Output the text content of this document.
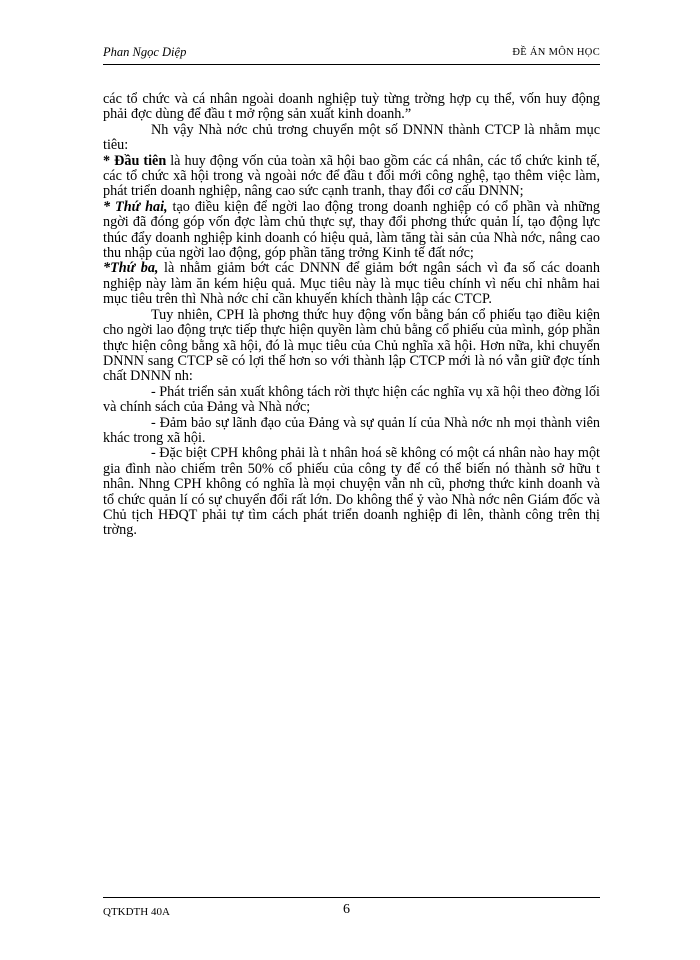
Phan Ngọc Diệp	ĐỀ ÁN MÔN HỌC

các tổ chức và cá nhân ngoài doanh nghiệp tuỳ từng trờng hợp cụ thể, vốn huy động phải đợc dùng để đầu t mở rộng sản xuất kinh doanh.”

Nh vậy Nhà nớc chủ trơng chuyển một số DNNN thành CTCP là nhằm mục tiêu:

* Đầu tiên là huy động vốn của toàn xã hội bao gồm các cá nhân, các tổ chức kinh tế, các tổ chức xã hội trong và ngoài nớc để đầu t đổi mới công nghệ, tạo thêm việc làm, phát triển doanh nghiệp, nâng cao sức cạnh tranh, thay đổi cơ cấu DNNN;

* Thứ hai, tạo điều kiện để ngời lao động trong doanh nghiệp có cổ phần và những ngời đã đóng góp vốn đợc làm chủ thực sự, thay đổi phơng thức quản lí, tạo động lực thúc đẩy doanh nghiệp kinh doanh có hiệu quả, làm tăng tài sản của Nhà nớc, nâng cao thu nhập của ngời lao động, góp phần tăng trởng Kinh tế đất nớc;

*Thứ ba, là nhằm giảm bớt các DNNN để giảm bớt ngân sách vì đa số các doanh nghiệp này làm ăn kém hiệu quả. Mục tiêu này là mục tiêu chính vì nếu chỉ nhằm hai mục tiêu trên thì Nhà nớc chỉ cần khuyến khích thành lập các CTCP.

Tuy nhiên, CPH là phơng thức huy động vốn bằng bán cổ phiếu tạo điều kiện cho ngời lao động trực tiếp thực hiện quyền làm chủ bằng cổ phiếu của mình, góp phần thực hiện công bằng xã hội, đó là mục tiêu của Chủ nghĩa xã hội. Hơn nữa, khi chuyển DNNN sang CTCP sẽ có lợi thế hơn so với thành lập CTCP mới là nó vẫn giữ đợc tính chất DNNN nh:

- Phát triển sản xuất không tách rời thực hiện các nghĩa vụ xã hội theo đờng lối và chính sách của Đảng và Nhà nớc;

- Đảm bảo sự lãnh đạo của Đảng và sự quản lí của Nhà nớc nh mọi thành viên khác trong xã hội.

- Đặc biệt CPH không phải là t nhân hoá sẽ không có một cá nhân nào hay một gia đình nào chiếm trên 50% cổ phiếu của công ty để có thể biến nó thành sở hữu t nhân. Nhng CPH không có nghĩa là mọi chuyện vẫn nh cũ, phơng thức kinh doanh và tổ chức quản lí có sự chuyển đổi rất lớn. Do không thể ỷ vào Nhà nớc nên Giám đốc và Chủ tịch HĐQT phải tự tìm cách phát triển doanh nghiệp đi lên, thành công trên thị trờng.

QTKDTH 40A	6
